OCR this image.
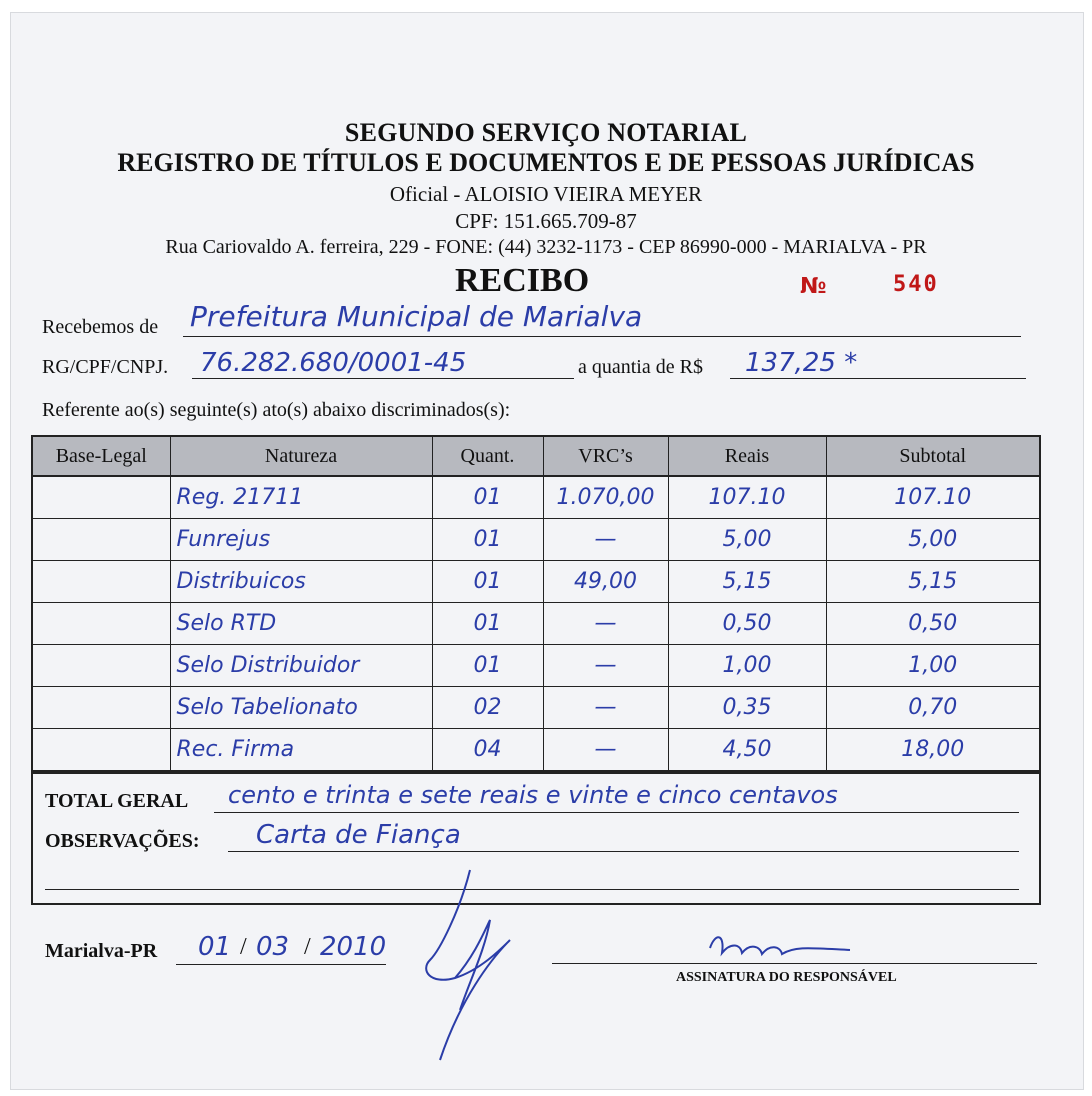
SEGUNDO SERVIÇO NOTARIAL
REGISTRO DE TÍTULOS E DOCUMENTOS E DE PESSOAS JURÍDICAS
Oficial - ALOISIO VIEIRA MEYER
CPF: 151.665.709-87
Rua Cariovaldo A. ferreira, 229 - FONE: (44) 3232-1173 - CEP 86990-000 - MARIALVA - PR
RECIBO	№	540
Recebemos de Prefeitura Municipal de Marialva
RG/CPF/CNPJ. 76.282.680/0001-45	a quantia de R$ 137,25 *
Referente ao(s) seguinte(s) ato(s) abaixo discriminados(s):
Base-Legal	Natureza	Quant.	VRC’s	Reais	Subtotal
	Reg. 21711	01	1.070,00	107.10	107.10
	Funrejus	01	—	5,00	5,00
	Distribuicos	01	49,00	5,15	5,15
	Selo RTD	01	—	0,50	0,50
	Selo Distribuidor	01	—	1,00	1,00
	Selo Tabelionato	02	—	0,35	0,70
	Rec. Firma	04	—	4,50	18,00
TOTAL GERAL cento e trinta e sete reais e vinte e cinco centavos
OBSERVAÇÕES: Carta de Fiança
Marialva-PR 01 / 03 / 2010
ASSINATURA DO RESPONSÁVEL
